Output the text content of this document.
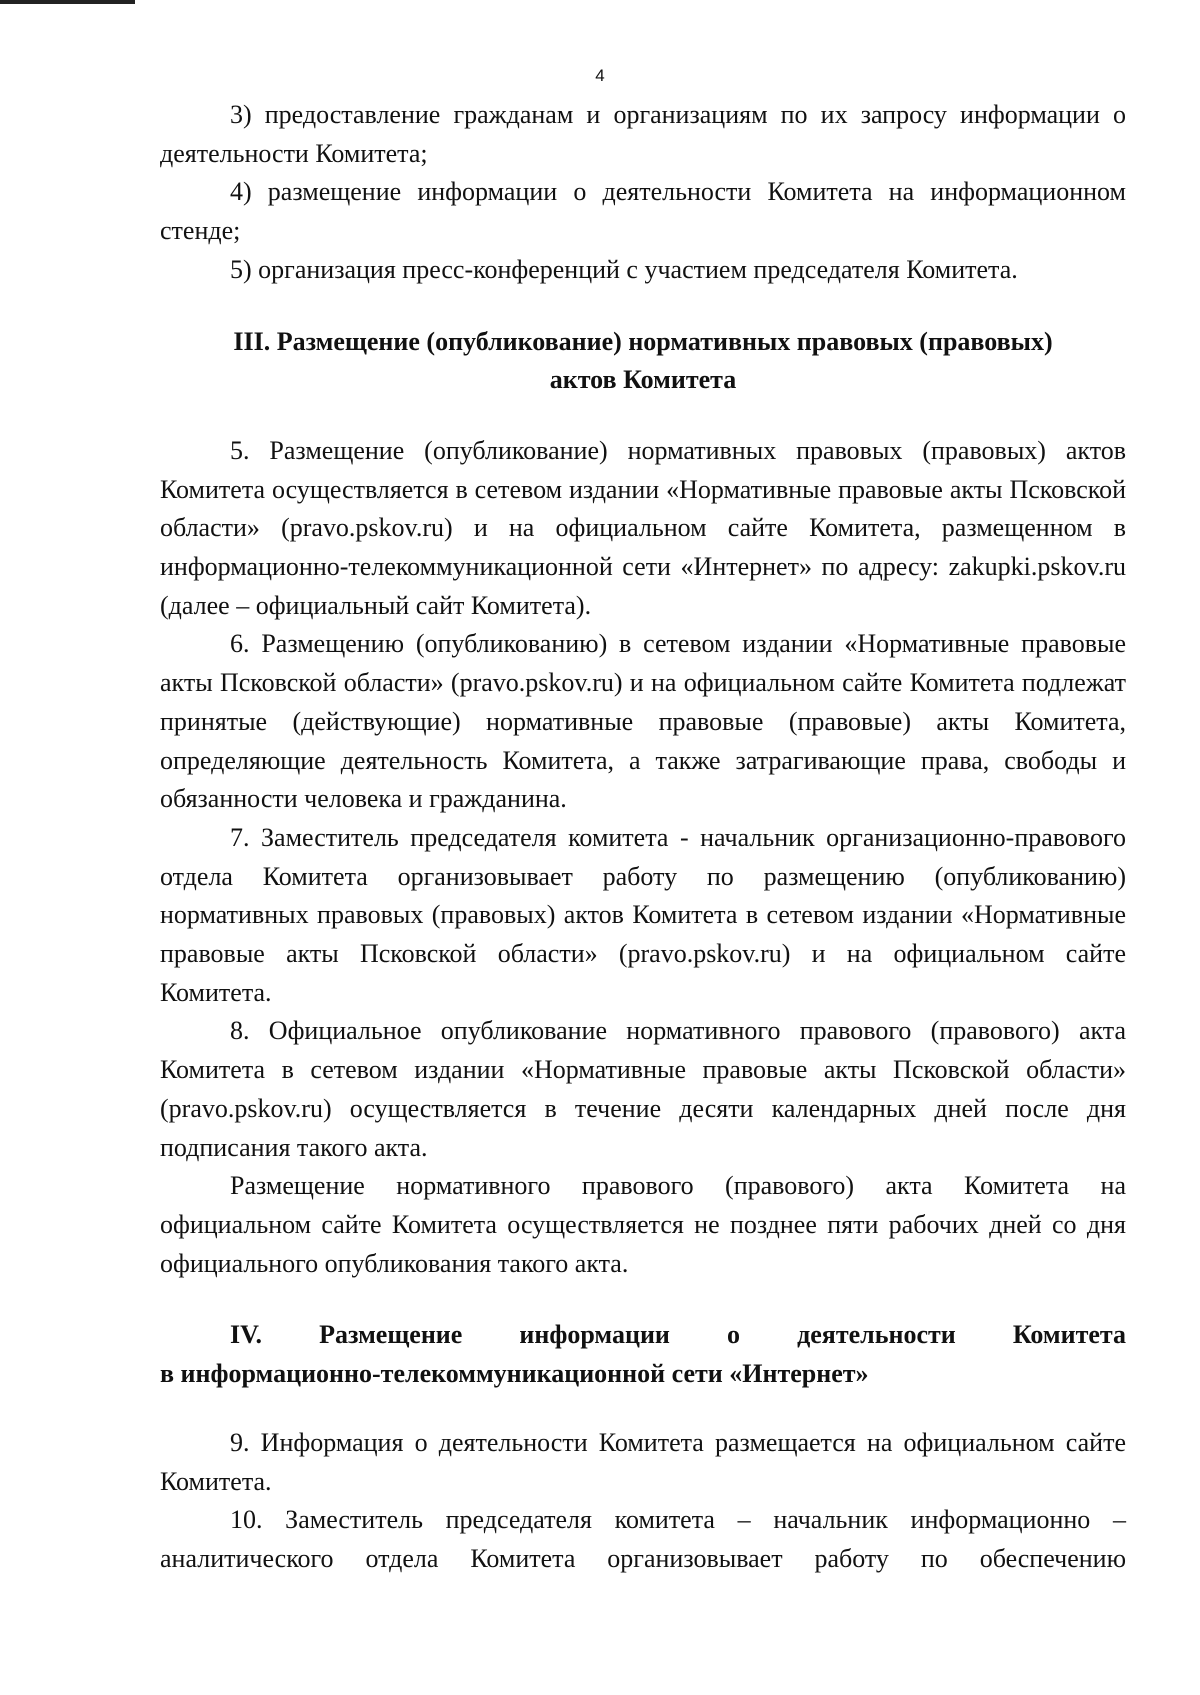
4

3) предоставление гражданам и организациям по их запросу информации о деятельности Комитета;

4) размещение информации о деятельности Комитета на информационном стенде;

5) организация пресс-конференций с участием председателя Комитета.

III. Размещение (опубликование) нормативных правовых (правовых) актов Комитета

5. Размещение (опубликование) нормативных правовых (правовых) актов Комитета осуществляется в сетевом издании «Нормативные правовые акты Псковской области» (pravo.pskov.ru) и на официальном сайте Комитета, размещенном в информационно-телекоммуникационной сети «Интернет» по адресу: zakupki.pskov.ru (далее – официальный сайт Комитета).

6. Размещению (опубликованию) в сетевом издании «Нормативные правовые акты Псковской области» (pravo.pskov.ru) и на официальном сайте Комитета подлежат принятые (действующие) нормативные правовые (правовые) акты Комитета, определяющие деятельность Комитета, а также затрагивающие права, свободы и обязанности человека и гражданина.

7. Заместитель председателя комитета - начальник организационно-правового отдела Комитета организовывает работу по размещению (опубликованию) нормативных правовых (правовых) актов Комитета в сетевом издании «Нормативные правовые акты Псковской области» (pravo.pskov.ru) и на официальном сайте Комитета.

8. Официальное опубликование нормативного правового (правового) акта Комитета в сетевом издании «Нормативные правовые акты Псковской области» (pravo.pskov.ru) осуществляется в течение десяти календарных дней после дня подписания такого акта.

Размещение нормативного правового (правового) акта Комитета на официальном сайте Комитета осуществляется не позднее пяти рабочих дней со дня официального опубликования такого акта.

IV. Размещение информации о деятельности Комитета
в информационно-телекоммуникационной сети «Интернет»

9. Информация о деятельности Комитета размещается на официальном сайте Комитета.

10. Заместитель председателя комитета – начальник информационно – аналитического отдела Комитета организовывает работу по обеспечению
